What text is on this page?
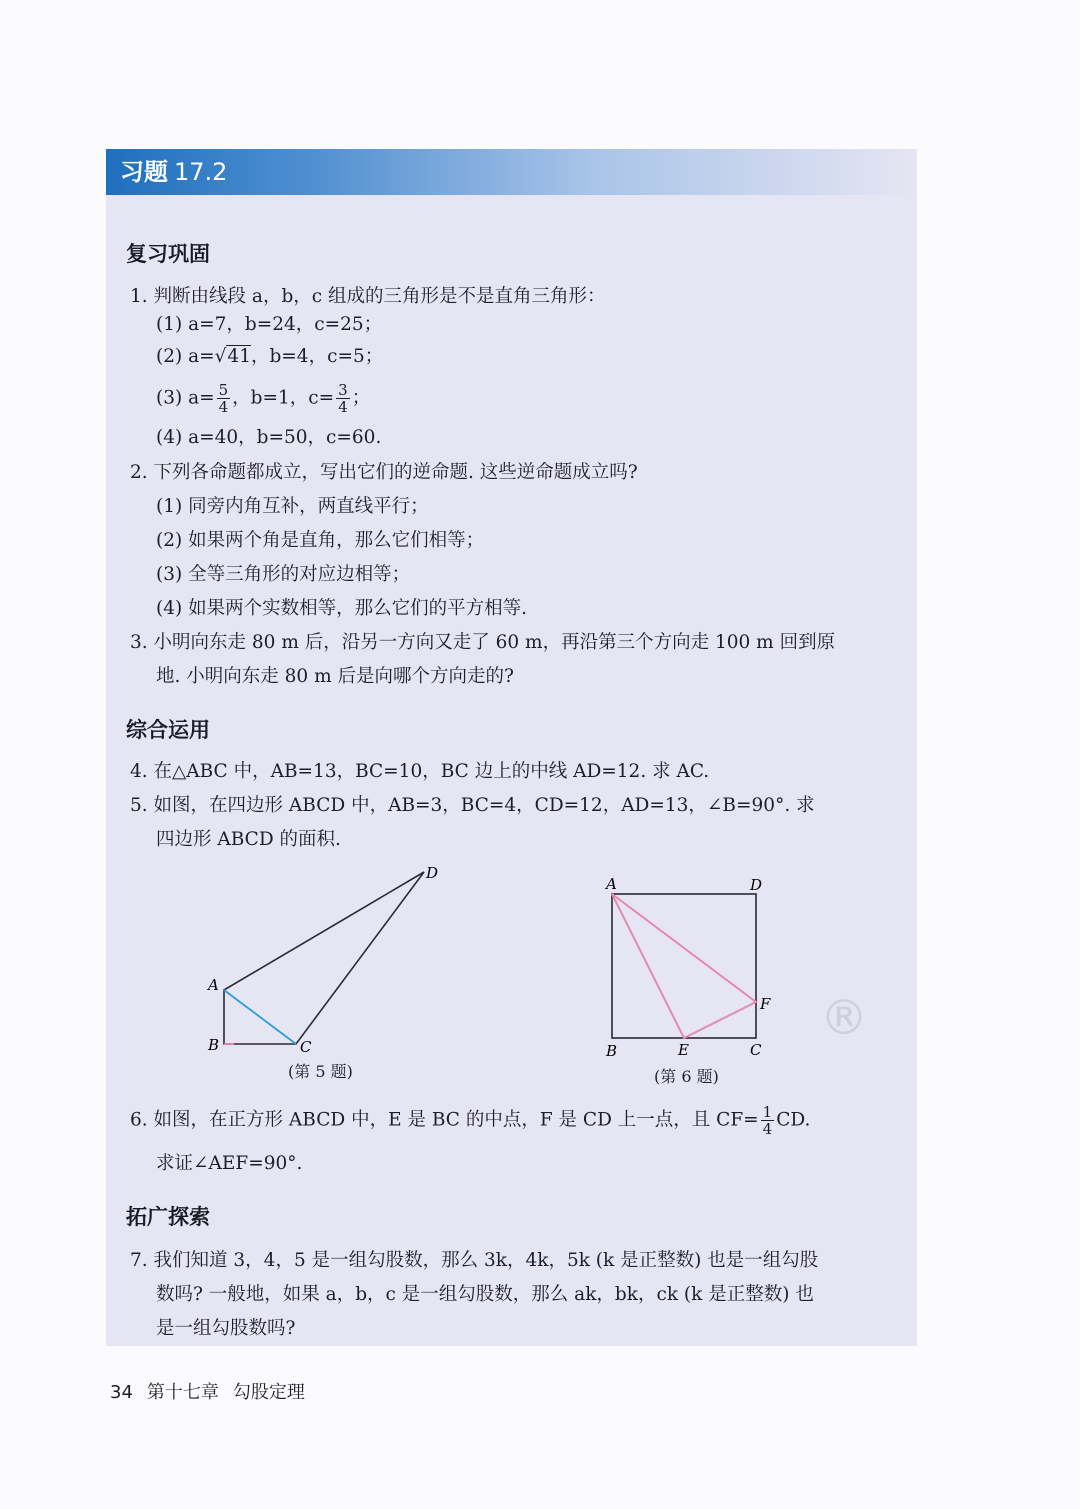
习题 17.2
复习巩固
1. 判断由线段 a，b，c 组成的三角形是不是直角三角形：
(1) a=7，b=24，c=25；
(2) a=√41，b=4，c=5；
(3) $a= \frac{5}{4}$ ，b=1，$c= \frac{3}{4}$ ；
(4) a=40，b=50，c=60.
2. 下列各命题都成立，写出它们的逆命题. 这些逆命题成立吗?
(1) 同旁内角互补，两直线平行；
(2) 如果两个角是直角，那么它们相等；
(3) 全等三角形的对应边相等；
(4) 如果两个实数相等，那么它们的平方相等.
3. 小明向东走 80 m 后，沿另一方向又走了 60 m，再沿第三个方向走 100 m 回到原
地. 小明向东走 80 m 后是向哪个方向走的?
综合运用
4. 在△ABC 中，AB=13，BC=10，BC 边上的中线 AD=12. 求 AC.
5. 如图，在四边形 ABCD 中，AB=3，BC=4，CD=12，AD=13，∠B=90°. 求
四边形 ABCD 的面积.
A
B	C
D
(第 5 题)
A	D
B	E	C
F
(第 6 题)
®
6. 如图，在正方形 ABCD 中，E 是 BC 的中点，F 是 CD 上一点，且 $CF= \frac{1}{4}$ CD.
求证∠AEF=90°.
拓广探索
7. 我们知道 3，4，5 是一组勾股数，那么 3k，4k，5k (k 是正整数) 也是一组勾股
数吗? 一般地，如果 a，b，c 是一组勾股数，那么 ak，bk，ck (k 是正整数) 也
是一组勾股数吗?
34 第十七章 勾股定理
